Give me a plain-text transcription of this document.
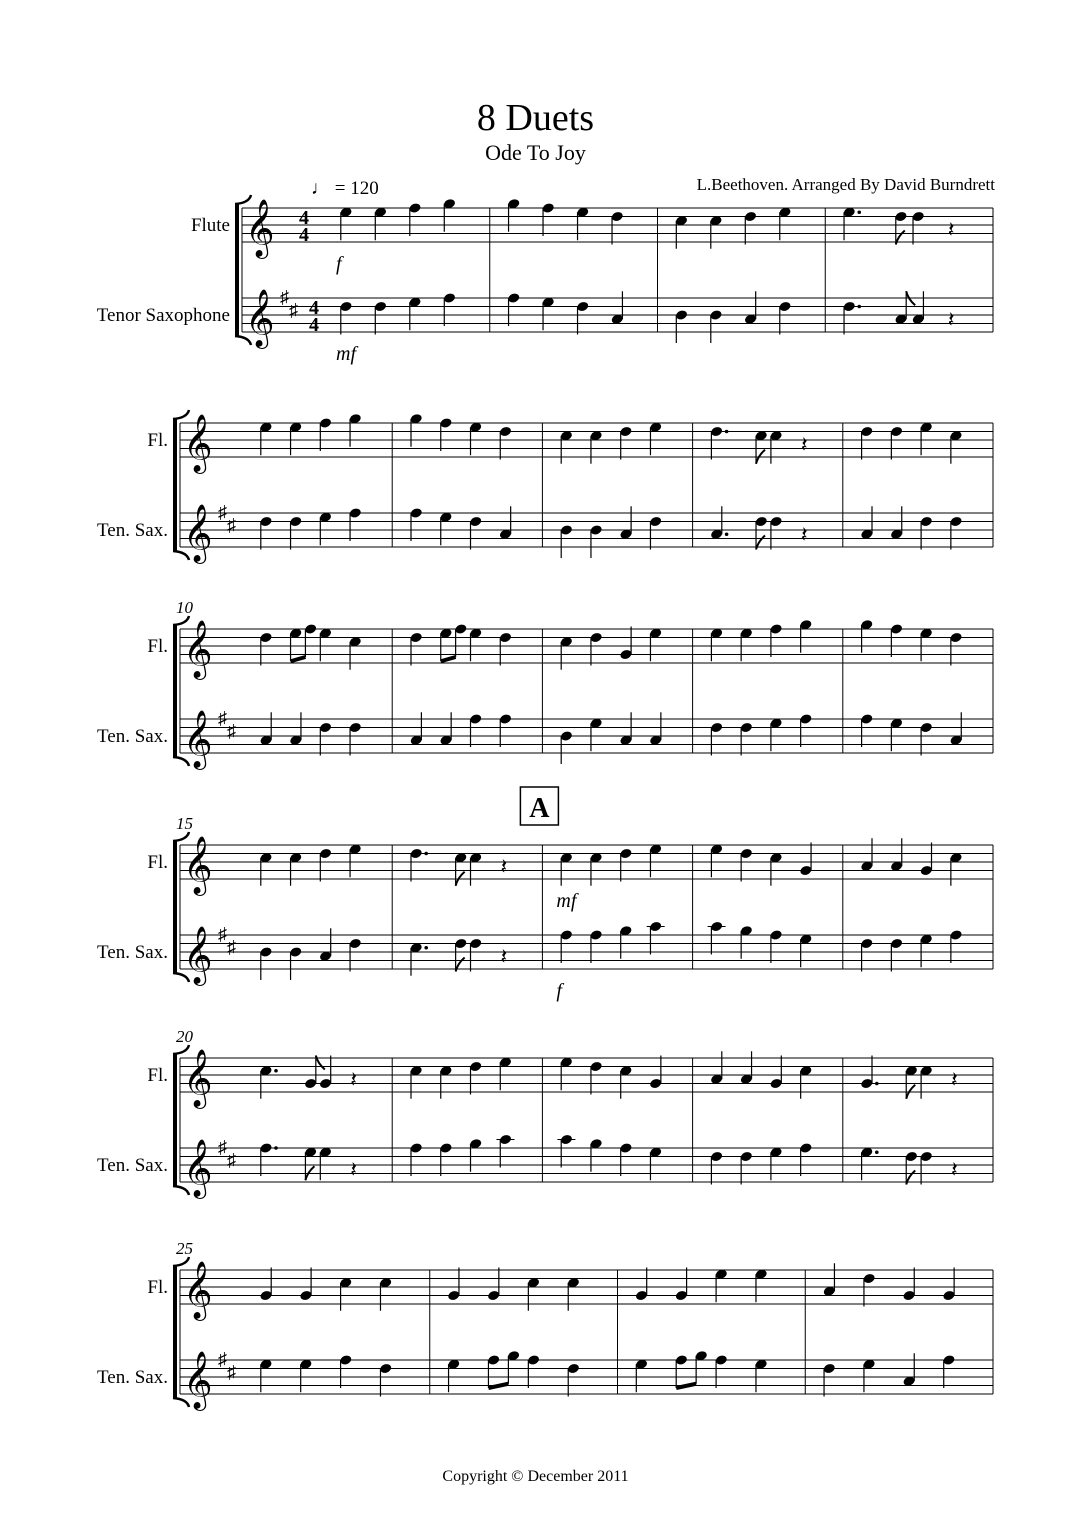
8 Duets
Ode To Joy
L.Beethoven. Arranged By David Burndrett
♩ = 120
Flute
Tenor Saxophone
𝄞
𝄞 ♯
♯
4
4
4
4
f
mf
𝄽
𝄽
Fl.
Ten. Sax.
𝄞
𝄞 ♯
♯
𝄽
𝄽
Fl.
Ten. Sax.
10
𝄞
𝄞 ♯
♯
Fl.
Ten. Sax.
15
𝄞
𝄞 ♯
♯
𝄽
𝄽
A
mf
f
Fl.
Ten. Sax.
20
𝄞
𝄞 ♯
♯
𝄽
𝄽
𝄽
𝄽
Fl.
Ten. Sax.
25
𝄞
𝄞 ♯
♯
Copyright © December 2011
